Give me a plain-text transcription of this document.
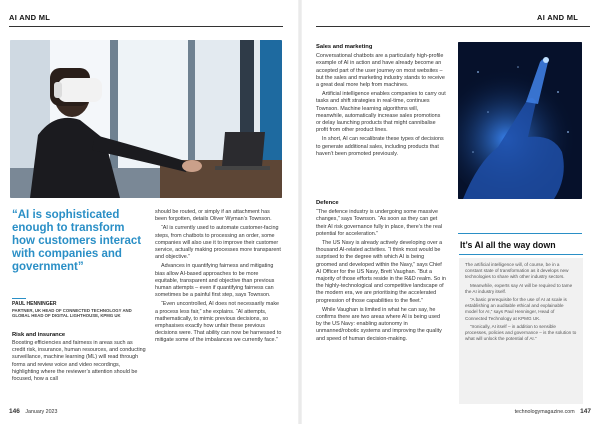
AI AND ML
“AI is sophisticated enough to transform how customers interact with companies and government”
PAUL HENNINGER
PARTNER, UK HEAD OF CONNECTED TECHNOLOGY AND GLOBAL HEAD OF DIGITAL LIGHTHOUSE, KPMG UK
Risk and insurance
Boosting efficiencies and fairness in areas such as credit risk, insurance, human resources, and conducting surveillance, machine learning (ML) will read through forms and review voice and video recordings, highlighting where the reviewer’s attention should be focused, how a call

should be routed, or simply if an attachment has been forgotten, details Oliver Wyman’s Townson.

“AI is currently used to automate customer-facing steps, from chatbots to processing an order, some companies will also use it to improve their customer service, actually making processes more transparent and objective.”

Advances in quantifying fairness and mitigating bias allow AI-based approaches to be more equitable, transparent and objective than previous human attempts – even if quantifying fairness can sometimes be a painful first step, says Townson.

“Even uncontrolled, AI does not necessarily make a process less fair,” she explains. “AI attempts, mathematically, to mimic previous decisions, so emphasises exactly how unfair these previous decisions were. That ability can now be harnessed to mitigate some of the imbalances we currently face.”

146 January 2023
AI AND ML
Sales and marketing

Conversational chatbots are a particularly high-profile example of AI in action and have already become an accepted part of the user journey on most websites – but the sales and marketing industry stands to receive a great deal more help from machines.

Artificial intelligence enables companies to carry out tasks and shift strategies in real-time, continues Townson. Machine learning algorithms will, meanwhile, automatically increase sales promotions or delay launching products that might cannibalise profit from other product lines.

In short, AI can recalibrate these types of decisions to generate additional sales, including products that haven’t been promoted previously.

Defence

“The defence industry is undergoing some massive changes,” says Townson. “As soon as they can get their AI risk governance fully in place, there’s the real potential for acceleration.”

The US Navy is already actively developing over a thousand AI-related activities. “I think most would be surprised to the degree with which AI is being groomed and developed within the Navy,” says Chief AI Officer for the US Navy, Brett Vaughan. “But a majority of those efforts reside in the R&D realm. So in the highly-technological and competitive landscape of the modern era, we are prioritising the accelerated progression of those capabilities to the fleet.”

While Vaughan is limited in what he can say, he confirms there are two areas where AI is being used by the US Navy: enabling autonomy in unmanned/robotic systems and improving the quality and speed of human decision-making.

It’s AI all the way down

The artificial intelligence will, of course, be in a constant state of transformation as it develops new technologies to share with other industry sectors.

Meanwhile, experts say AI will be required to tame the AI industry itself.

“A basic prerequisite for the use of AI at scale is establishing an auditable ethical and explainable model for AI,” says Paul Henninger, Head of Connected Technology at KPMG UK.

“Ironically, AI itself – in addition to sensible processes, policies and governance – is the solution to what will unlock the potential of AI.”

technologymagazine.com 147
